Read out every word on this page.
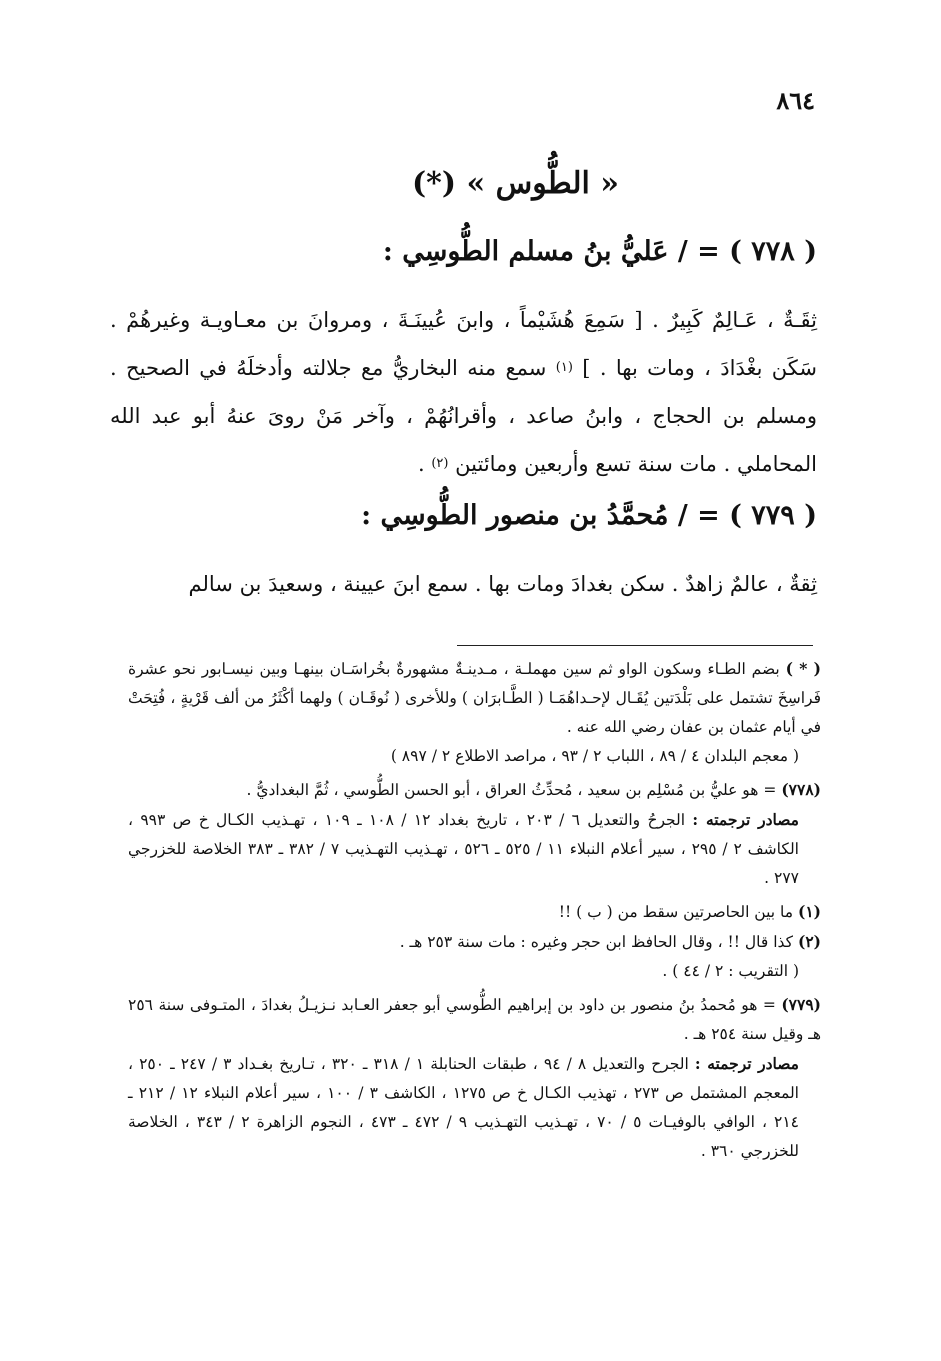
٨٦٤
« الطُّوس » (*)
( ٧٧٨ ) = / عَليُّ بنُ مسلم الطُّوسِي :
ثِقَـةٌ ، عَـالِمٌ كَبِيرٌ . [ سَمِعَ هُشَيْماً ، وابنَ عُيينَـةَ ، ومروانَ بن معـاويـة وغيرهُمْ . سَكَن بغْدَادَ ، ومات بها . ] (١) سمع منه البخاريُّ مع جلالته وأدخلَهُ في الصحيح . ومسلم بن الحجاج ، وابنُ صاعد ، وأقرانُهُمْ ، وآخر مَنْ روىَ عنهُ أبو عبد الله المحاملي . مات سنة تسع وأربعين ومائتين (٢) .
( ٧٧٩ ) = / مُحمَّدُ بن منصور الطُّوسِي :
ثِقةٌ ، عالمٌ زاهدٌ . سكن بغدادَ ومات بها . سمع ابنَ عيينة ، وسعيدَ بن سالم

( * ) بضم الطـاء وسكون الواو ثم سين مهملـة ، مـدينـةٌ مشهورةٌ بخُراسَـان بينهـا وبين نيسـابور نحو عشرة فَراسِخَ تشتمل على بَلْدَتين يُقَـال لإحـداهُمَـا ( الطَّـابرَان ) وللأخرى ( نُوقَـان ) ولهما أكْثَرُ من ألف قَرْيةٍ ، فُتِحَتْ في أيام عثمان بن عفان رضي الله عنه .

( معجم البلدان ٤ / ٨٩ ، اللباب ٢ / ٩٣ ، مراصد الاطلاع ٢ / ٨٩٧ )

(٧٧٨) = هو عليُّ بن مُسْلِم بن سعيد ، مُحدِّثُ العراق ، أبو الحسن الطُّوسي ، ثُمَّ البغداديُّ .

مصادر ترجمته : الجرحُ والتعديل ٦ / ٢٠٣ ، تاريخ بغداد ١٢ / ١٠٨ ـ ١٠٩ ، تهـذيب الكـال خ ص ٩٩٣ ، الكاشف ٢ / ٢٩٥ ، سير أعلام النبلاء ١١ / ٥٢٥ ـ ٥٢٦ ، تهـذيب التهـذيب ٧ / ٣٨٢ ـ ٣٨٣ الخلاصة للخزرجي ٢٧٧ .

(١) ما بين الحاصرتين سقط من ( ب ) !!

(٢) كذا قال !! ، وقال الحافظ ابن حجر وغيره : مات سنة ٢٥٣ هـ .

( التقريب : ٢ / ٤٤ ) .

(٧٧٩) = هو مُحمدُ بنُ منصور بن داود بن إبراهيم الطُّوسي أبو جعفر العـابد نـزيـلُ بغدادَ ، المتـوفى سنة ٢٥٦ هـ وقيل سنة ٢٥٤ هـ .

مصادر ترجمته : الجرح والتعديل ٨ / ٩٤ ، طبقات الحنابلة ١ / ٣١٨ ـ ٣٢٠ ، تـاريخ بغـداد ٣ / ٢٤٧ ـ ٢٥٠ ، المعجم المشتمل ص ٢٧٣ ، تهذيب الكـال خ ص ١٢٧٥ ، الكاشف ٣ / ١٠٠ ، سير أعلام النبلاء ١٢ / ٢١٢ ـ ٢١٤ ، الوافي بالوفيـات ٥ / ٧٠ ، تهـذيب التهـذيب ٩ / ٤٧٢ ـ ٤٧٣ ، النجوم الزاهرة ٢ / ٣٤٣ ، الخلاصة للخزرجي ٣٦٠ .
